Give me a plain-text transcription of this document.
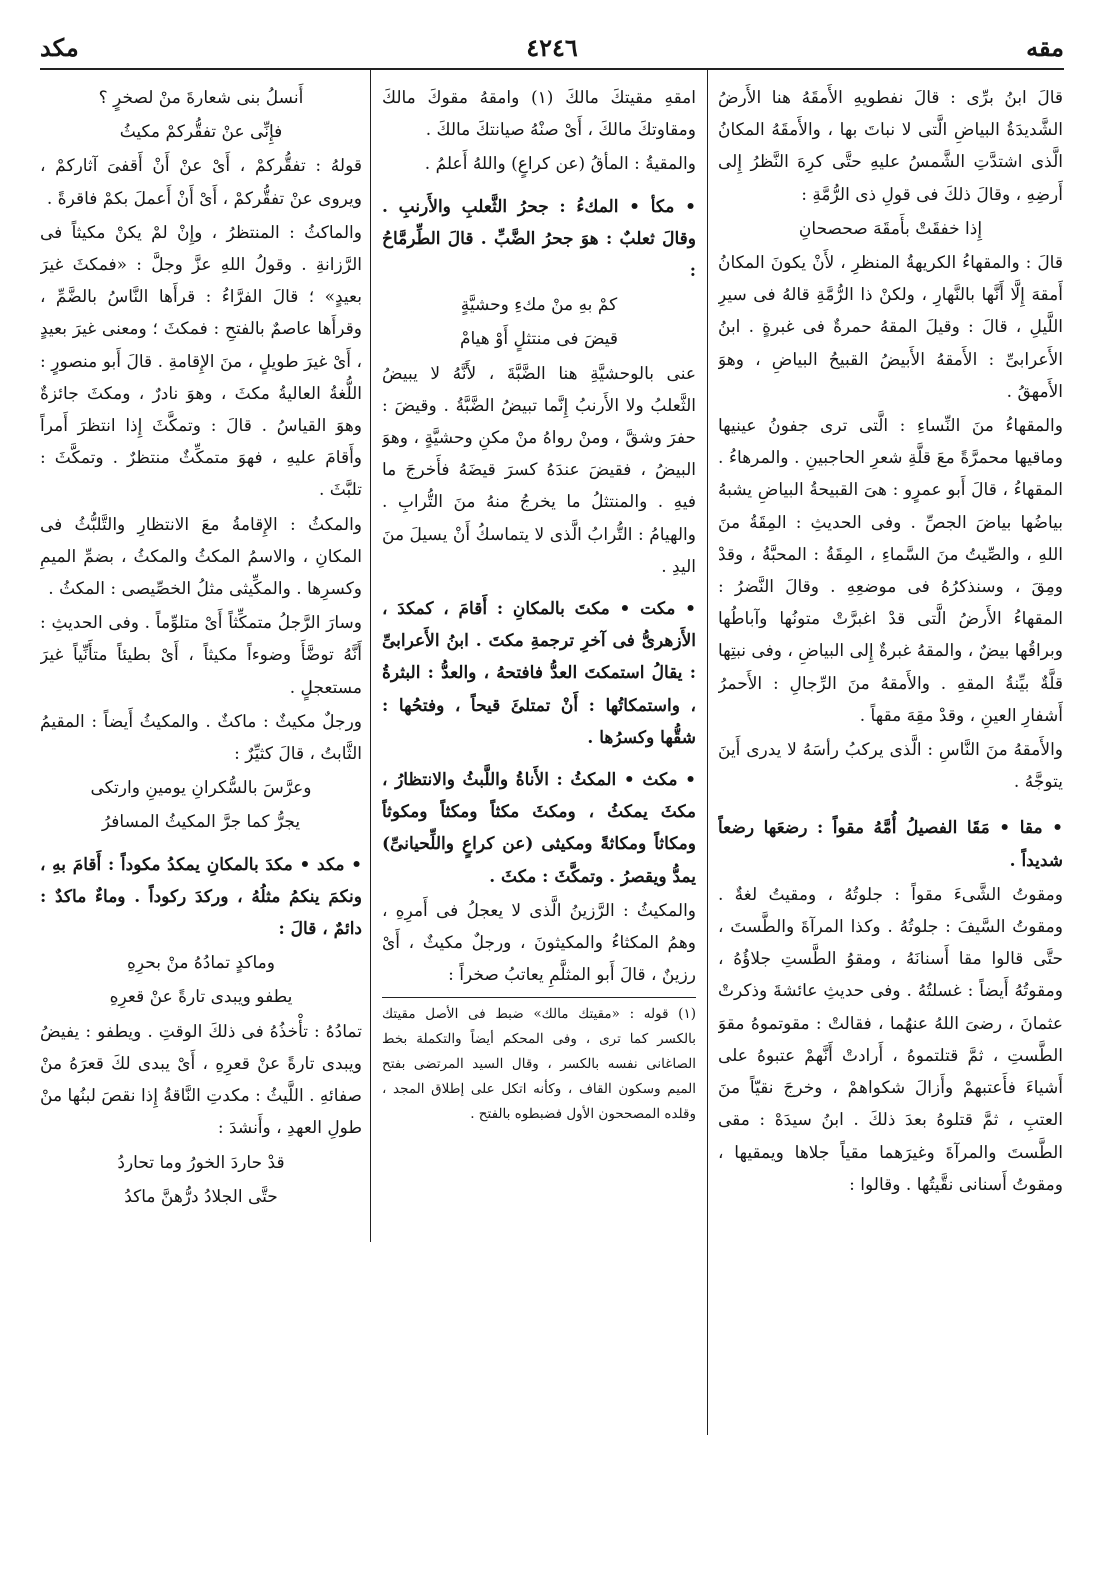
مقه
٤٢٤٦
مكد

قالَ ابنُ برِّى : قالَ نفطويهِ الأَمقَهُ هنا الأَرضُ الشَّديدَةُ البياضِ الَّتى لا نباتَ بها ، والأَمقَهُ المكانُ الَّذى اشتدَّتِ الشَّمسُ عليهِ حتَّى كرِهَ النَّظرُ إِلى أَرضِهِ ، وقالَ ذلكَ فى قولِ ذى الرُّمَّةِ :

إِذا خفقَتْ بأَمقَهَ صحصحانِ

قالَ : والمقهاءُ الكريهةُ المنظرِ ، لأَنْ يكونَ المكانُ أَمقهَ إِلَّا أَنَّها بالنَّهارِ ، ولكنْ ذا الرُّمَّةِ قالهُ فى سيرِ اللَّيلِ ، قالَ : وقيلَ المقهُ حمرةٌ فى غبرةٍ . ابنُ الأَعرابىِّ : الأَمقهُ الأَبيضُ القبيحُ البياضِ ، وهوَ الأَمهقُ .

والمقهاءُ منَ النِّساءِ : الَّتى ترى جفونُ عينيها وماقيها محمرَّةً معَ قلَّةِ شعرِ الحاجبينِ . والمرهاءُ . المقهاءُ ، قالَ أَبو عمرٍو : هىَ القبيحةُ البياضِ يشبهُ بياضُها بياضَ الجصِّ . وفى الحديثِ : المِقَةُ منَ اللهِ ، والصِّيتُ منَ السَّماءِ ، المِقَةُ : المحبَّةُ ، وقدْ ومِقَ ، وسنذكرُهُ فى موضعِهِ . وقالَ النَّضرُ : المقهاءُ الأَرضُ الَّتى قدْ اغبرَّتْ متونُها وآباطُها وبراقُها بيضٌ ، والمقهُ غبرةٌ إِلى البياضِ ، وفى نبتِها قلَّةٌ بيِّنةُ المقهِ . والأَمقهُ منَ الرِّجالِ : الأَحمرُ أَشفارِ العينِ ، وقدْ مقِهَ مقهاً .

والأَمقهُ منَ النَّاسِ : الَّذى يركبُ رأسَهُ لا يدرى أَينَ يتوجَّهُ .

• مقا • مَقَا الفصيلُ أُمَّهُ مقواً : رضعَها رضعاً شديداً .

ومقوتُ الشَّىءَ مقواً : جلوتُهُ ، ومقيتُ لغةٌ . ومقوتُ السَّيفَ : جلوتُهُ . وكذا المرآةَ والطَّستَ ، حتَّى قالوا مقا أَسنانَهُ ، ومقوُ الطَّستِ جلاؤُهُ ، ومقوتُهُ أَيضاً : غسلتُهُ . وفى حديثِ عائشةَ وذكرتْ عثمانَ ، رضىَ اللهُ عنهُما ، فقالتْ : مقوتموهُ مقوَ الطَّستِ ، ثمَّ قتلتموهُ ، أَرادتْ أَنَّهمْ عتبوهُ على أَشياءَ فأَعتبهمْ وأَزالَ شكواهمْ ، وخرجَ نقيّاً منَ العتبِ ، ثمَّ قتلوهُ بعدَ ذلكَ . ابنُ سيدَهْ : مقى الطَّستَ والمرآةَ وغيرَهما مقياً جلاها ويمقيها ، ومقوتُ أَسنانى نقَّيتُها . وقالوا :

امقهِ مقيتكَ مالكَ (١) وامقهُ مقوكَ مالكَ ومقاوتكَ مالكَ ، أَىْ صنْهُ صيانتكَ مالكَ .

والمقيةُ : المأقُ (عن كراعٍ) واللهُ أَعلمُ .

• مكأ • المكءُ : جحرُ الثَّعلبِ والأَرنبِ . وقالَ ثعلبٌ : هوَ جحرُ الضَّبِّ . قالَ الطِّرمَّاحُ :

كمْ بهِ منْ مكءِ وحشيَّةٍ

قيضَ فى منتثلٍ أَوْ هيامْ

عنى بالوحشيَّةِ هنا الضَّبَّةَ ، لأَنَّهُ لا يبيضُ الثَّعلبُ ولا الأَرنبُ إِنَّما تبيضُ الضَّبَّةُ . وقيضَ : حفرَ وشقَّ ، ومنْ رواهُ منْ مكنِ وحشيَّةٍ ، وهوَ البيضُ ، فقيضَ عندَهُ كسرَ قيضَهُ فأَخرجَ ما فيهِ . والمنتثلُ ما يخرجُ منهُ منَ التُّرابِ . والهيامُ : التُّرابُ الَّذى لا يتماسكُ أَنْ يسيلَ منَ اليدِ .

• مكت • مكتَ بالمكانِ : أَقامَ ، كمكدَ ، الأَزهرىُّ فى آخرِ ترجمةِ مكتَ . ابنُ الأَعرابىِّ : يقالُ استمكتَ العدُّ فافتحهُ ، والعدُّ : البثرةُ ، واستمكاتُها : أَنْ تمتلئَ قيحاً ، وفتحُها : شقُّها وكسرُها .

• مكث • المكثُ : الأَناةُ واللَّبثُ والانتظارُ ، مكثَ يمكثُ ، ومكثَ مكثاً ومكثاً ومكوثاً ومكاثاً ومكاثةً ومكيثى (عن كراعٍ واللِّحيانىِّ) يمدُّ ويقصرُ . وتمكَّثَ : مكثَ .

والمكيثُ : الرَّزينُ الَّذى لا يعجلُ فى أَمرِهِ ، وهمُ المكثاءُ والمكيثونَ ، ورجلٌ مكيثٌ ، أَىْ رزينٌ ، قالَ أَبو المثلَّمِ يعاتبُ صخراً :

(١) قوله : «مقيتك مالك» ضبط فى الأصل مقيتك بالكسر كما ترى ، وفى المحكم أيضاً والتكملة بخط الصاغانى نفسه بالكسر ، وقال السيد المرتضى بفتح الميم وسكون القاف ، وكأنه اتكل على إطلاق المجد ، وقلده المصححون الأول فضبطوه بالفتح .

أَنسلُ بنى شعارةَ منْ لصخرٍ ؟

فإِنِّى عنْ تفقُّركمْ مكيثُ

قولهُ : تفقُّركمْ ، أَىْ عنْ أَنْ أَقفىَ آثاركمْ ، ويروى عنْ تفقُّركمْ ، أَىْ أَنْ أَعملَ بكمْ فاقرةً .

والماكثُ : المنتظرُ ، وإِنْ لمْ يكنْ مكيثاً فى الرَّزانةِ . وقولُ اللهِ عزَّ وجلَّ : «فمكثَ غيرَ بعيدٍ» ؛ قالَ الفرَّاءُ : قرأَها النَّاسُ بالضَّمِّ ، وقرأَها عاصمٌ بالفتحِ : فمكثَ ؛ ومعنى غيرَ بعيدٍ ، أَىْ غيرَ طويلٍ ، منَ الإِقامةِ . قالَ أَبو منصورٍ : اللُّغةُ العاليةُ مكثَ ، وهوَ نادرٌ ، ومكثَ جائزةٌ وهوَ القياسُ . قالَ : وتمكَّثَ إِذا انتظرَ أَمراً وأَقامَ عليهِ ، فهوَ متمكِّثٌ منتظرٌ . وتمكَّثَ : تلبَّثَ .

والمكثُ : الإِقامةُ معَ الانتظارِ والتَّلبُّثُ فى المكانِ ، والاسمُ المكثُ والمكثُ ، بضمِّ الميمِ وكسرِها . والمكِّيثى مثلُ الخصِّيصى : المكثُ .

وسارَ الرَّجلُ متمكِّثاً أَىْ متلوِّماً . وفى الحديثِ : أَنَّهُ توضَّأَ وضوءاً مكيثاً ، أَىْ بطيئاً متأَنِّياً غيرَ مستعجلٍ .

ورجلٌ مكيثٌ : ماكثٌ . والمكيثُ أَيضاً : المقيمُ الثَّابتُ ، قالَ كثيِّرٌ :

وعرَّسَ بالسُّكرانِ يومينِ وارتكى

يجرُّ كما جرَّ المكيثُ المسافرُ

• مكد • مكدَ بالمكانِ يمكدُ مكوداً : أَقامَ بهِ ، ونكمَ ينكمُ مثلُهُ ، وركدَ ركوداً . وماءٌ ماكدٌ : دائمٌ ، قالَ :

وماكدٍ تمادُهُ منْ بحرِهِ

يطفو ويبدى تارةً عنْ قعرِهِ

تمادُهُ : تأْخذُهُ فى ذلكَ الوقتِ . ويطفو : يفيضُ ويبدى تارةً عنْ قعرِهِ ، أَىْ يبدى لكَ قعرَهُ منْ صفائهِ . اللَّيثُ : مكدتِ النَّاقةُ إِذا نقصَ لبنُها منْ طولِ العهدِ ، وأَنشدَ :

قدْ حاردَ الخورُ وما تحاردُ

حتَّى الجلادُ درُّهنَّ ماكدُ
